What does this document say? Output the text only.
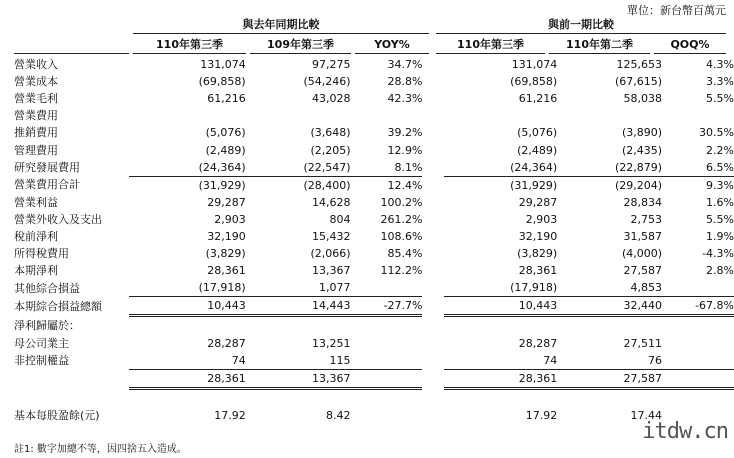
單位：新台幣百萬元
與去年同期比較	與前一期比較
110年第三季	109年第三季	YOY%	110年第三季	110年第二季	QOQ%
營業收入	131,074	97,275	34.7%		131,074	125,653	4.3%
營業成本	(69,858)	(54,246)	28.8%		(69,858)	(67,615)	3.3%
營業毛利	61,216	43,028	42.3%		61,216	58,038	5.5%
營業費用							
推銷費用	(5,076)	(3,648)	39.2%		(5,076)	(3,890)	30.5%
管理費用	(2,489)	(2,205)	12.9%		(2,489)	(2,435)	2.2%
研究發展費用	(24,364)	(22,547)	8.1%		(24,364)	(22,879)	6.5%
營業費用合計	(31,929)	(28,400)	12.4%		(31,929)	(29,204)	9.3%
營業利益	29,287	14,628	100.2%		29,287	28,834	1.6%
營業外收入及支出	2,903	804	261.2%		2,903	2,753	5.5%
稅前淨利	32,190	15,432	108.6%		32,190	31,587	1.9%
所得稅費用	(3,829)	(2,066)	85.4%		(3,829)	(4,000)	-4.3%
本期淨利	28,361	13,367	112.2%		28,361	27,587	2.8%
其他綜合損益	(17,918)	1,077			(17,918)	4,853	
本期綜合損益總額	10,443	14,443	-27.7%		10,443	32,440	-67.8%
淨利歸屬於：							
母公司業主	28,287	13,251			28,287	27,511	
非控制權益	74	115			74	76	
	28,361	13,367			28,361	27,587	

基本每股盈餘(元)	17.92	8.42			17.92	17.44	
註1: 數字加總不等，因四捨五入造成。
itdw.cn
